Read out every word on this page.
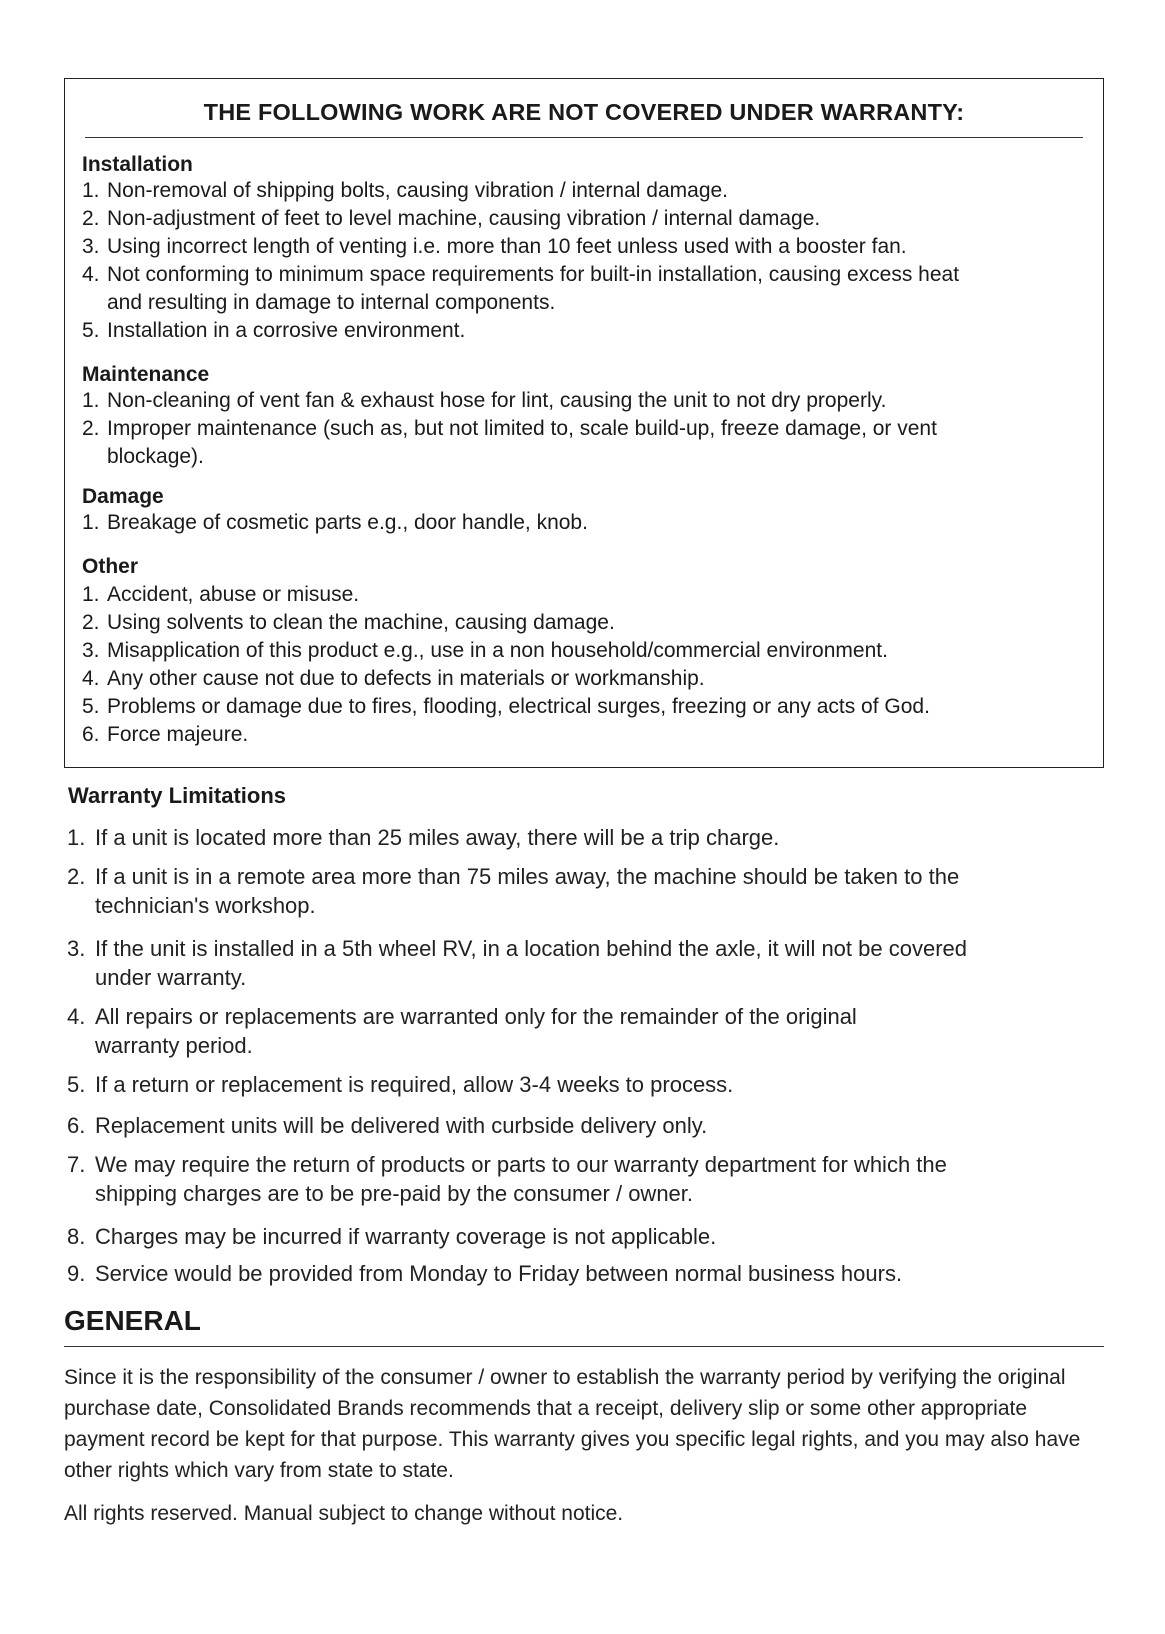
THE FOLLOWING WORK ARE NOT COVERED UNDER WARRANTY:
Installation
1. Non-removal of shipping bolts, causing vibration / internal damage.
2. Non-adjustment of feet to level machine, causing vibration / internal damage.
3. Using incorrect length of venting i.e. more than 10 feet unless used with a booster fan.
4. Not conforming to minimum space requirements for built-in installation, causing excess heat
and resulting in damage to internal components.
5. Installation in a corrosive environment.
Maintenance
1. Non-cleaning of vent fan & exhaust hose for lint, causing the unit to not dry properly.
2. Improper maintenance (such as, but not limited to, scale build-up, freeze damage, or vent
blockage).
Damage
1. Breakage of cosmetic parts e.g., door handle, knob.
Other
1. Accident, abuse or misuse.
2. Using solvents to clean the machine, causing damage.
3. Misapplication of this product e.g., use in a non household/commercial environment.
4. Any other cause not due to defects in materials or workmanship.
5. Problems or damage due to fires, flooding, electrical surges, freezing or any acts of God.
6. Force majeure.
Warranty Limitations
1. If a unit is located more than 25 miles away, there will be a trip charge.
2. If a unit is in a remote area more than 75 miles away, the machine should be taken to the
technician's workshop.
3. If the unit is installed in a 5th wheel RV, in a location behind the axle, it will not be covered
under warranty.
4. All repairs or replacements are warranted only for the remainder of the original
warranty period.
5. If a return or replacement is required, allow 3-4 weeks to process.
6. Replacement units will be delivered with curbside delivery only.
7. We may require the return of products or parts to our warranty department for which the
shipping charges are to be pre-paid by the consumer / owner.
8. Charges may be incurred if warranty coverage is not applicable.
9. Service would be provided from Monday to Friday between normal business hours.
GENERAL
Since it is the responsibility of the consumer / owner to establish the warranty period by verifying the original purchase date, Consolidated Brands recommends that a receipt, delivery slip or some other appropriate payment record be kept for that purpose. This warranty gives you specific legal rights, and you may also have other rights which vary from state to state.
All rights reserved. Manual subject to change without notice.
